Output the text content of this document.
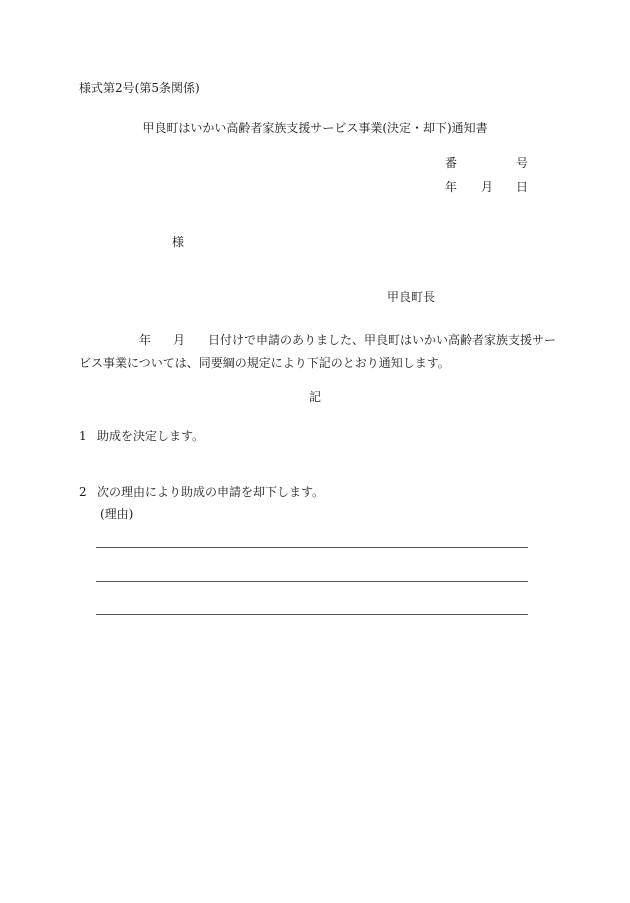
様式第2号(第5条関係)
甲良町はいかい高齢者家族支援サービス事業(決定・却下)通知書
番	号
年 月 日
様
甲良町長
年 月 日付けで申請のありました、甲良町はいかい高齢者家族支援サー
ビス事業については、同要綱の規定により下記のとおり通知します。
記
1 助成を決定します。
2 次の理由により助成の申請を却下します。
(理由)
